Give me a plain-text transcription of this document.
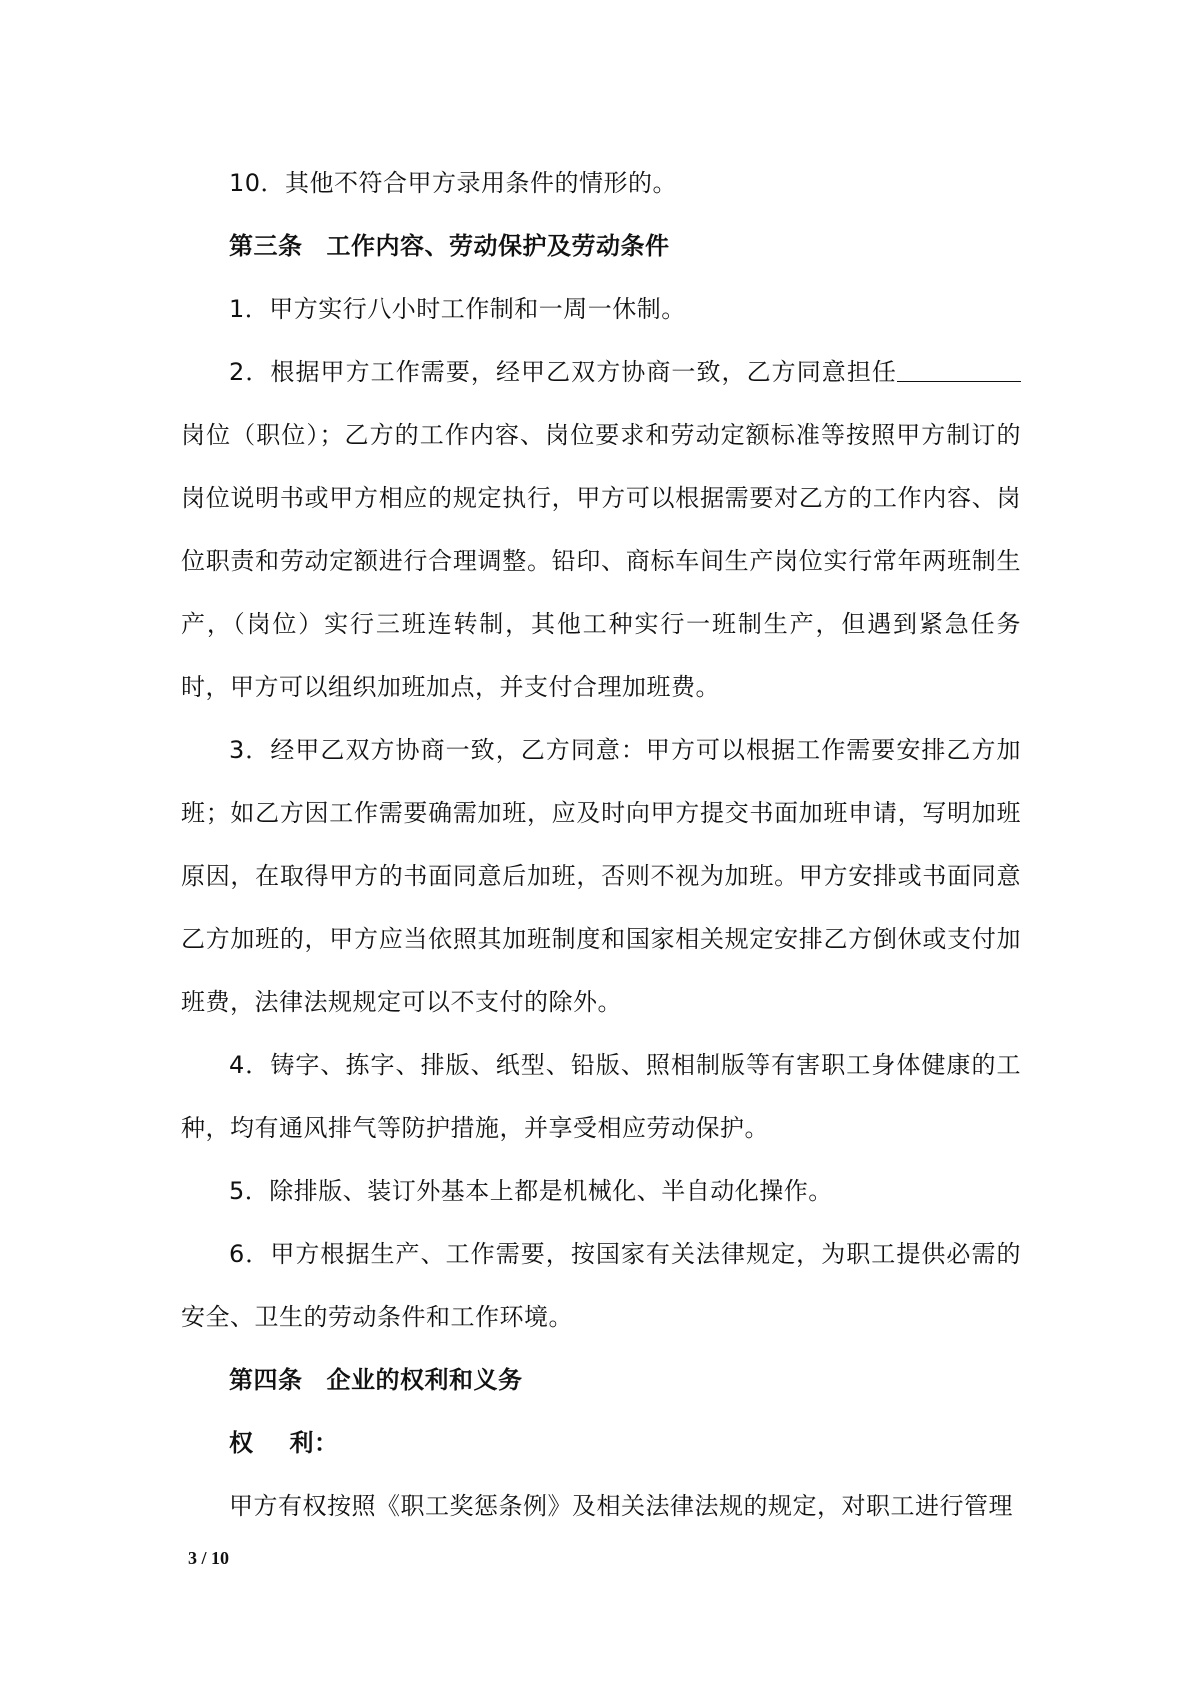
10．其他不符合甲方录用条件的情形的。

第三条 工作内容、劳动保护及劳动条件

1．甲方实行八小时工作制和一周一休制。

2．根据甲方工作需要，经甲乙双方协商一致，乙方同意担任岗位（职位）；乙方的工作内容、岗位要求和劳动定额标准等按照甲方制订的岗位说明书或甲方相应的规定执行，甲方可以根据需要对乙方的工作内容、岗位职责和劳动定额进行合理调整。铅印、商标车间生产岗位实行常年两班制生产，（岗位）实行三班连转制，其他工种实行一班制生产，但遇到紧急任务时，甲方可以组织加班加点，并支付合理加班费。

3．经甲乙双方协商一致，乙方同意：甲方可以根据工作需要安排乙方加班；如乙方因工作需要确需加班，应及时向甲方提交书面加班申请，写明加班原因，在取得甲方的书面同意后加班，否则不视为加班。甲方安排或书面同意乙方加班的，甲方应当依照其加班制度和国家相关规定安排乙方倒休或支付加班费，法律法规规定可以不支付的除外。

4．铸字、拣字、排版、纸型、铅版、照相制版等有害职工身体健康的工种，均有通风排气等防护措施，并享受相应劳动保护。

5．除排版、装订外基本上都是机械化、半自动化操作。

6．甲方根据生产、工作需要，按国家有关法律规定，为职工提供必需的安全、卫生的劳动条件和工作环境。

第四条 企业的权利和义务

权 利：

甲方有权按照《职工奖惩条例》及相关法律法规的规定，对职工进行管理

3 / 10
